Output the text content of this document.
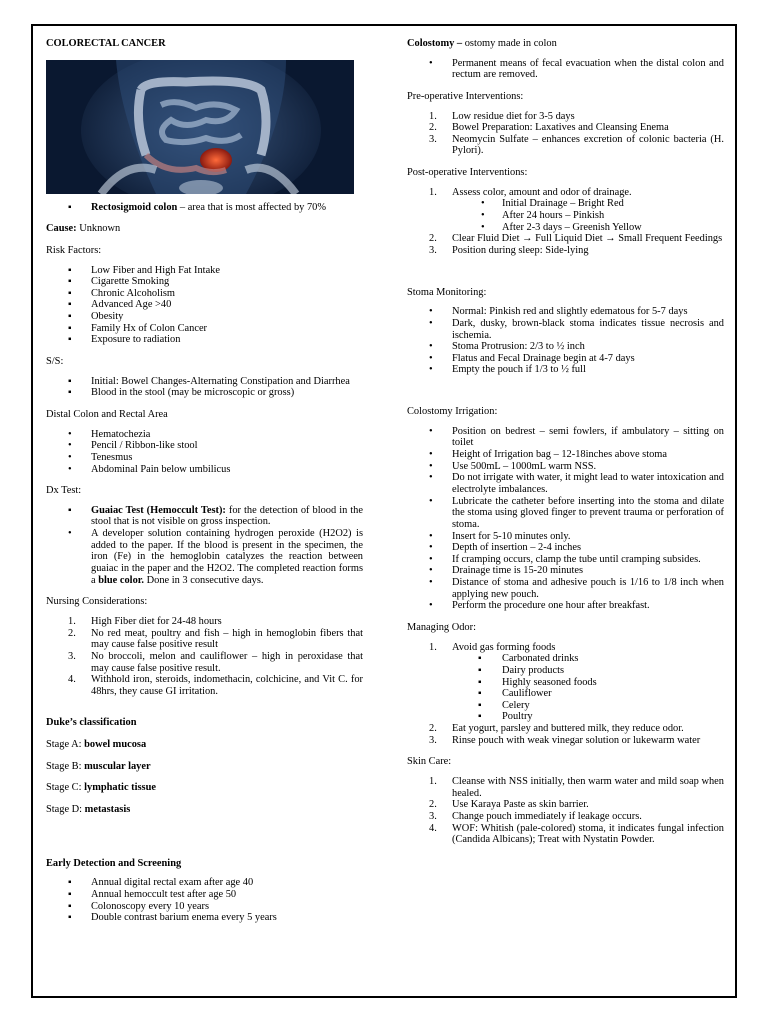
COLORECTAL CANCER

▪ Rectosigmoid colon – area that is most affected by 70%

Cause: Unknown

Risk Factors:

▪ Low Fiber and High Fat Intake
▪ Cigarette Smoking
▪ Chronic Alcoholism
▪ Advanced Age >40
▪ Obesity
▪ Family Hx of Colon Cancer
▪ Exposure to radiation

S/S:

▪ Initial: Bowel Changes-Alternating Constipation and Diarrhea
▪ Blood in the stool (may be microscopic or gross)

Distal Colon and Rectal Area

• Hematochezia
• Pencil / Ribbon-like stool
• Tenesmus
• Abdominal Pain below umbilicus

Dx Test:

▪ Guaiac Test (Hemoccult Test): for the detection of blood in the stool that is not visible on gross inspection.
• A developer solution containing hydrogen peroxide (H2O2) is added to the paper. If the blood is present in the specimen, the iron (Fe) in the hemoglobin catalyzes the reaction between guaiac in the paper and the H2O2. The completed reaction forms a blue color. Done in 3 consecutive days.

Nursing Considerations:

High Fiber diet for 24-48 hours
No red meat, poultry and fish – high in hemoglobin fibers that may cause false positive result
No broccoli, melon and cauliflower – high in peroxidase that may cause false positive result.
Withhold iron, steroids, indomethacin, colchicine, and Vit C. for 48hrs, they cause GI irritation.

Duke’s classification

Stage A: bowel mucosa

Stage B: muscular layer

Stage C: lymphatic tissue

Stage D: metastasis

Early Detection and Screening

▪ Annual digital rectal exam after age 40
▪ Annual hemoccult test after age 50
▪ Colonoscopy every 10 years
▪ Double contrast barium enema every 5 years

Colostomy – ostomy made in colon

• Permanent means of fecal evacuation when the distal colon and rectum are removed.

Pre-operative Interventions:

Low residue diet for 3-5 days
Bowel Preparation: Laxatives and Cleansing Enema
Neomycin Sulfate – enhances excretion of colonic bacteria (H. Pylori).

Post-operative Interventions:

Assess color, amount and odor of drainage.
• Initial Drainage – Bright Red
• After 24 hours – Pinkish
• After 2-3 days – Greenish Yellow
Clear Fluid Diet → Full Liquid Diet → Small Frequent Feedings
Position during sleep: Side-lying

Stoma Monitoring:

• Normal: Pinkish red and slightly edematous for 5-7 days
• Dark, dusky, brown-black stoma indicates tissue necrosis and ischemia.
• Stoma Protrusion: 2/3 to ½ inch
• Flatus and Fecal Drainage begin at 4-7 days
• Empty the pouch if 1/3 to ½ full

Colostomy Irrigation:

• Position on bedrest – semi fowlers, if ambulatory – sitting on toilet
• Height of Irrigation bag – 12-18inches above stoma
• Use 500mL – 1000mL warm NSS.
• Do not irrigate with water, it might lead to water intoxication and electrolyte imbalances.
• Lubricate the catheter before inserting into the stoma and dilate the stoma using gloved finger to prevent trauma or perforation of stoma.
• Insert for 5-10 minutes only.
• Depth of insertion – 2-4 inches
• If cramping occurs, clamp the tube until cramping subsides.
• Drainage time is 15-20 minutes
• Distance of stoma and adhesive pouch is 1/16 to 1/8 inch when applying new pouch.
• Perform the procedure one hour after breakfast.

Managing Odor:

Avoid gas forming foods
▪ Carbonated drinks
▪ Dairy products
▪ Highly seasoned foods
▪ Cauliflower
▪ Celery
▪ Poultry
Eat yogurt, parsley and buttered milk, they reduce odor.
Rinse pouch with weak vinegar solution or lukewarm water

Skin Care:

Cleanse with NSS initially, then warm water and mild soap when healed.
Use Karaya Paste as skin barrier.
Change pouch immediately if leakage occurs.
WOF: Whitish (pale-colored) stoma, it indicates fungal infection (Candida Albicans); Treat with Nystatin Powder.
